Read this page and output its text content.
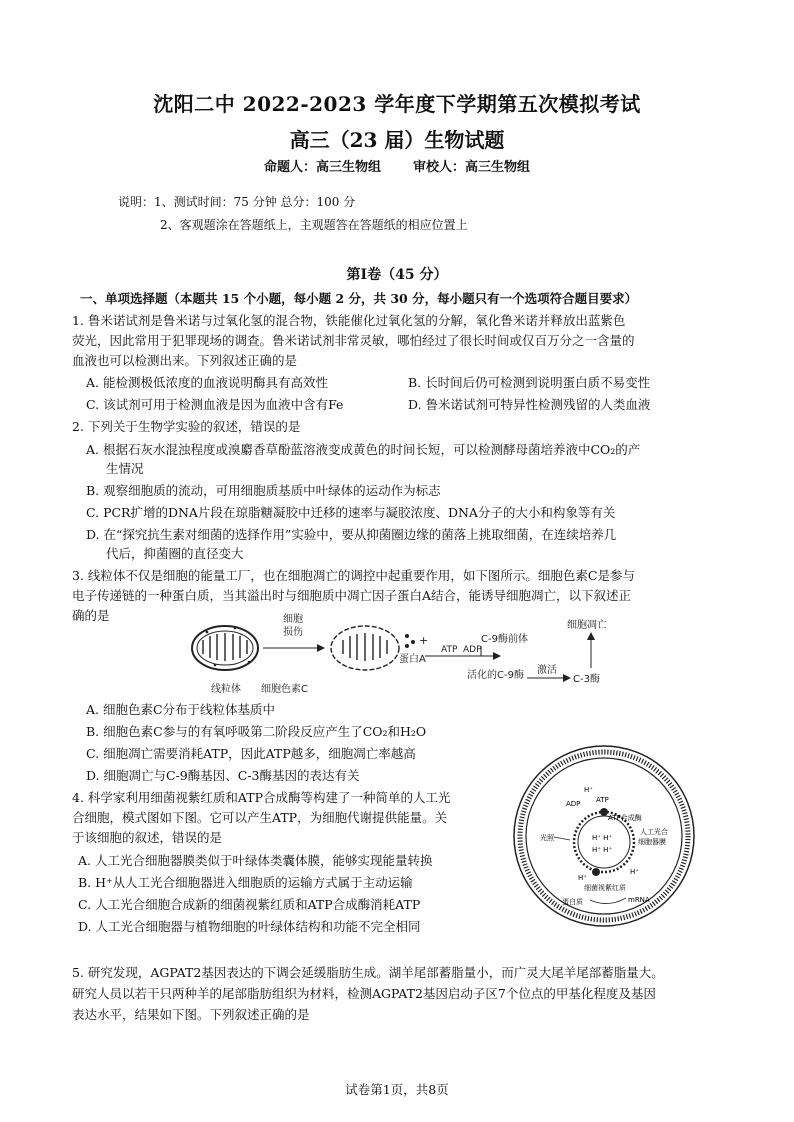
沈阳二中 2022-2023 学年度下学期第五次模拟考试
高三（23 届）生物试题
命题人：高三生物组 审校人：高三生物组
说明：1、测试时间：75 分钟 总分：100 分
2、客观题涂在答题纸上，主观题答在答题纸的相应位置上
第Ⅰ卷（45 分）
一、单项选择题（本题共 15 个小题，每小题 2 分，共 30 分，每小题只有一个选项符合题目要求）
1. 鲁米诺试剂是鲁米诺与过氧化氢的混合物，铁能催化过氧化氢的分解，氧化鲁米诺并释放出蓝紫色
荧光，因此常用于犯罪现场的调查。鲁米诺试剂非常灵敏，哪怕经过了很长时间或仅百万分之一含量的
血液也可以检测出来。下列叙述正确的是
A. 能检测极低浓度的血液说明酶具有高效性	B. 长时间后仍可检测到说明蛋白质不易变性
C. 该试剂可用于检测血液是因为血液中含有Fe	D. 鲁米诺试剂可特异性检测残留的人类血液
2. 下列关于生物学实验的叙述，错误的是
A. 根据石灰水混浊程度或溴麝香草酚蓝溶液变成黄色的时间长短，可以检测酵母菌培养液中CO₂的产
生情况
B. 观察细胞质的流动，可用细胞质基质中叶绿体的运动作为标志
C. PCR扩增的DNA片段在琼脂糖凝胶中迁移的速率与凝胶浓度、DNA分子的大小和构象等有关
D. 在“探究抗生素对细菌的选择作用”实验中，要从抑菌圈边缘的菌落上挑取细菌，在连续培养几
代后，抑菌圈的直径变大
3. 线粒体不仅是细胞的能量工厂，也在细胞凋亡的调控中起重要作用，如下图所示。细胞色素C是参与
电子传递链的一种蛋白质，当其溢出时与细胞质中凋亡因子蛋白A结合，能诱导细胞凋亡，以下叙述正
确的是	细胞
损伤
+
蛋白A
ATP ADP
C-9酶前体
活化的C-9酶 激活
C-3酶
细胞凋亡
线粒体 细胞色素C
A. 细胞色素C分布于线粒体基质中
B. 细胞色素C参与的有氧呼吸第二阶段反应产生了CO₂和H₂O
C. 细胞凋亡需要消耗ATP，因此ATP越多，细胞凋亡率越高
D. 细胞凋亡与C-9酶基因、C-3酶基因的表达有关
4. 科学家利用细菌视紫红质和ATP合成酶等构建了一种简单的人工光
合细胞，模式图如下图。它可以产生ATP，为细胞代谢提供能量。关
于该细胞的叙述，错误的是
A. 人工光合细胞器膜类似于叶绿体类囊体膜，能够实现能量转换
B. H⁺从人工光合细胞器进入细胞质的运输方式属于主动运输
C. 人工光合细胞合成新的细菌视紫红质和ATP合成酶消耗ATP
D. 人工光合细胞器与植物细胞的叶绿体结构和功能不完全相同
ADP ATP
H⁺
ATP合成酶
光照
人工光合
细胞器膜
H⁺ H⁺
H⁺ H⁺
H⁺
H⁺
细菌视紫红质
蛋白质	mRNA
5. 研究发现，AGPAT2基因表达的下调会延缓脂肪生成。湖羊尾部蓄脂量小，而广灵大尾羊尾部蓄脂量大。
研究人员以若干只两种羊的尾部脂肪组织为材料，检测AGPAT2基因启动子区7个位点的甲基化程度及基因
表达水平，结果如下图。下列叙述正确的是
试卷第1页，共8页
